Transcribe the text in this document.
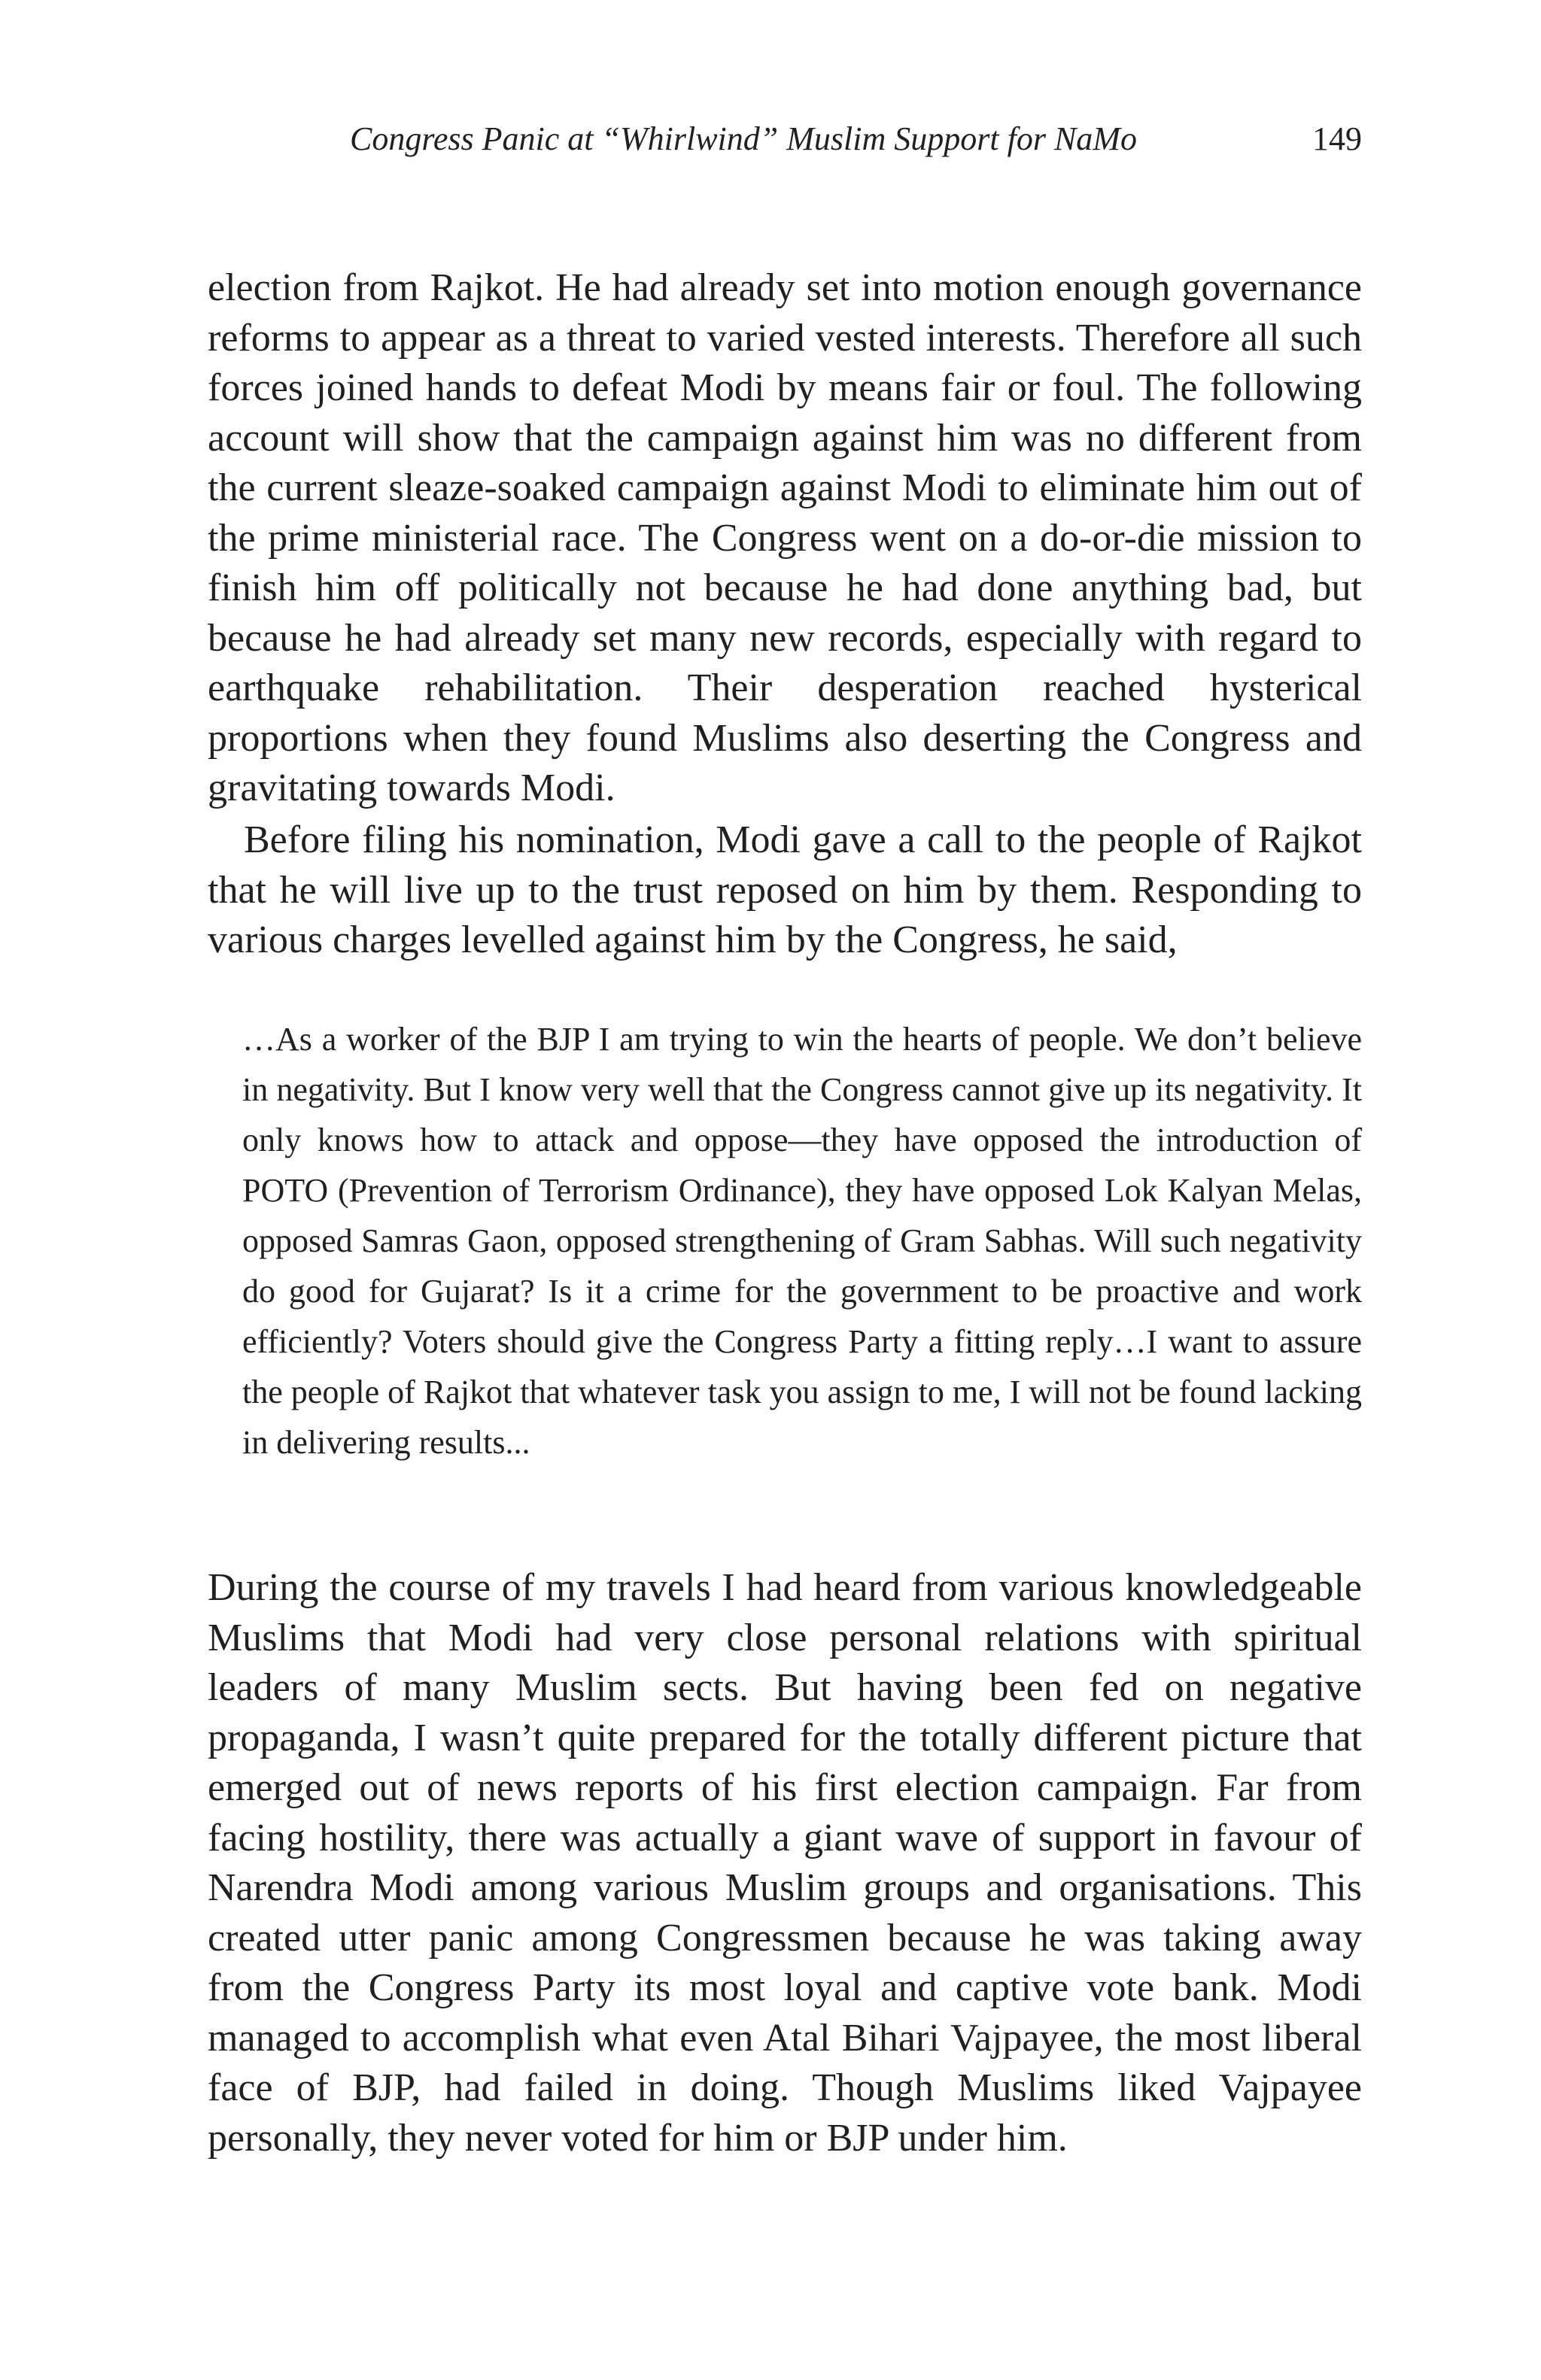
Congress Panic at “Whirlwind” Muslim Support for NaMo	149

election from Rajkot. He had already set into motion enough governance reforms to appear as a threat to varied vested interests. Therefore all such forces joined hands to defeat Modi by means fair or foul. The following account will show that the campaign against him was no different from the current sleaze-soaked campaign against Modi to eliminate him out of the prime ministerial race. The Congress went on a do-or-die mission to finish him off politically not because he had done anything bad, but because he had already set many new records, especially with regard to earthquake rehabilitation. Their desperation reached hysterical proportions when they found Muslims also deserting the Congress and gravitating towards Modi.

Before filing his nomination, Modi gave a call to the people of Rajkot that he will live up to the trust reposed on him by them. Responding to various charges levelled against him by the Congress, he said,

…As a worker of the BJP I am trying to win the hearts of people. We don’t believe in negativity. But I know very well that the Congress cannot give up its negativity. It only knows how to attack and oppose—they have opposed the introduction of POTO (Prevention of Terrorism Ordinance), they have opposed Lok Kalyan Melas, opposed Samras Gaon, opposed strengthening of Gram Sabhas. Will such negativity do good for Gujarat? Is it a crime for the government to be proactive and work efficiently? Voters should give the Congress Party a fitting reply…I want to assure the people of Rajkot that whatever task you assign to me, I will not be found lacking in delivering results...

During the course of my travels I had heard from various knowledgeable Muslims that Modi had very close personal relations with spiritual leaders of many Muslim sects. But having been fed on negative propaganda, I wasn’t quite prepared for the totally different picture that emerged out of news reports of his first election campaign. Far from facing hostility, there was actually a giant wave of support in favour of Narendra Modi among various Muslim groups and organisations. This created utter panic among Congressmen because he was taking away from the Congress Party its most loyal and captive vote bank. Modi managed to accomplish what even Atal Bihari Vajpayee, the most liberal face of BJP, had failed in doing. Though Muslims liked Vajpayee personally, they never voted for him or BJP under him.
